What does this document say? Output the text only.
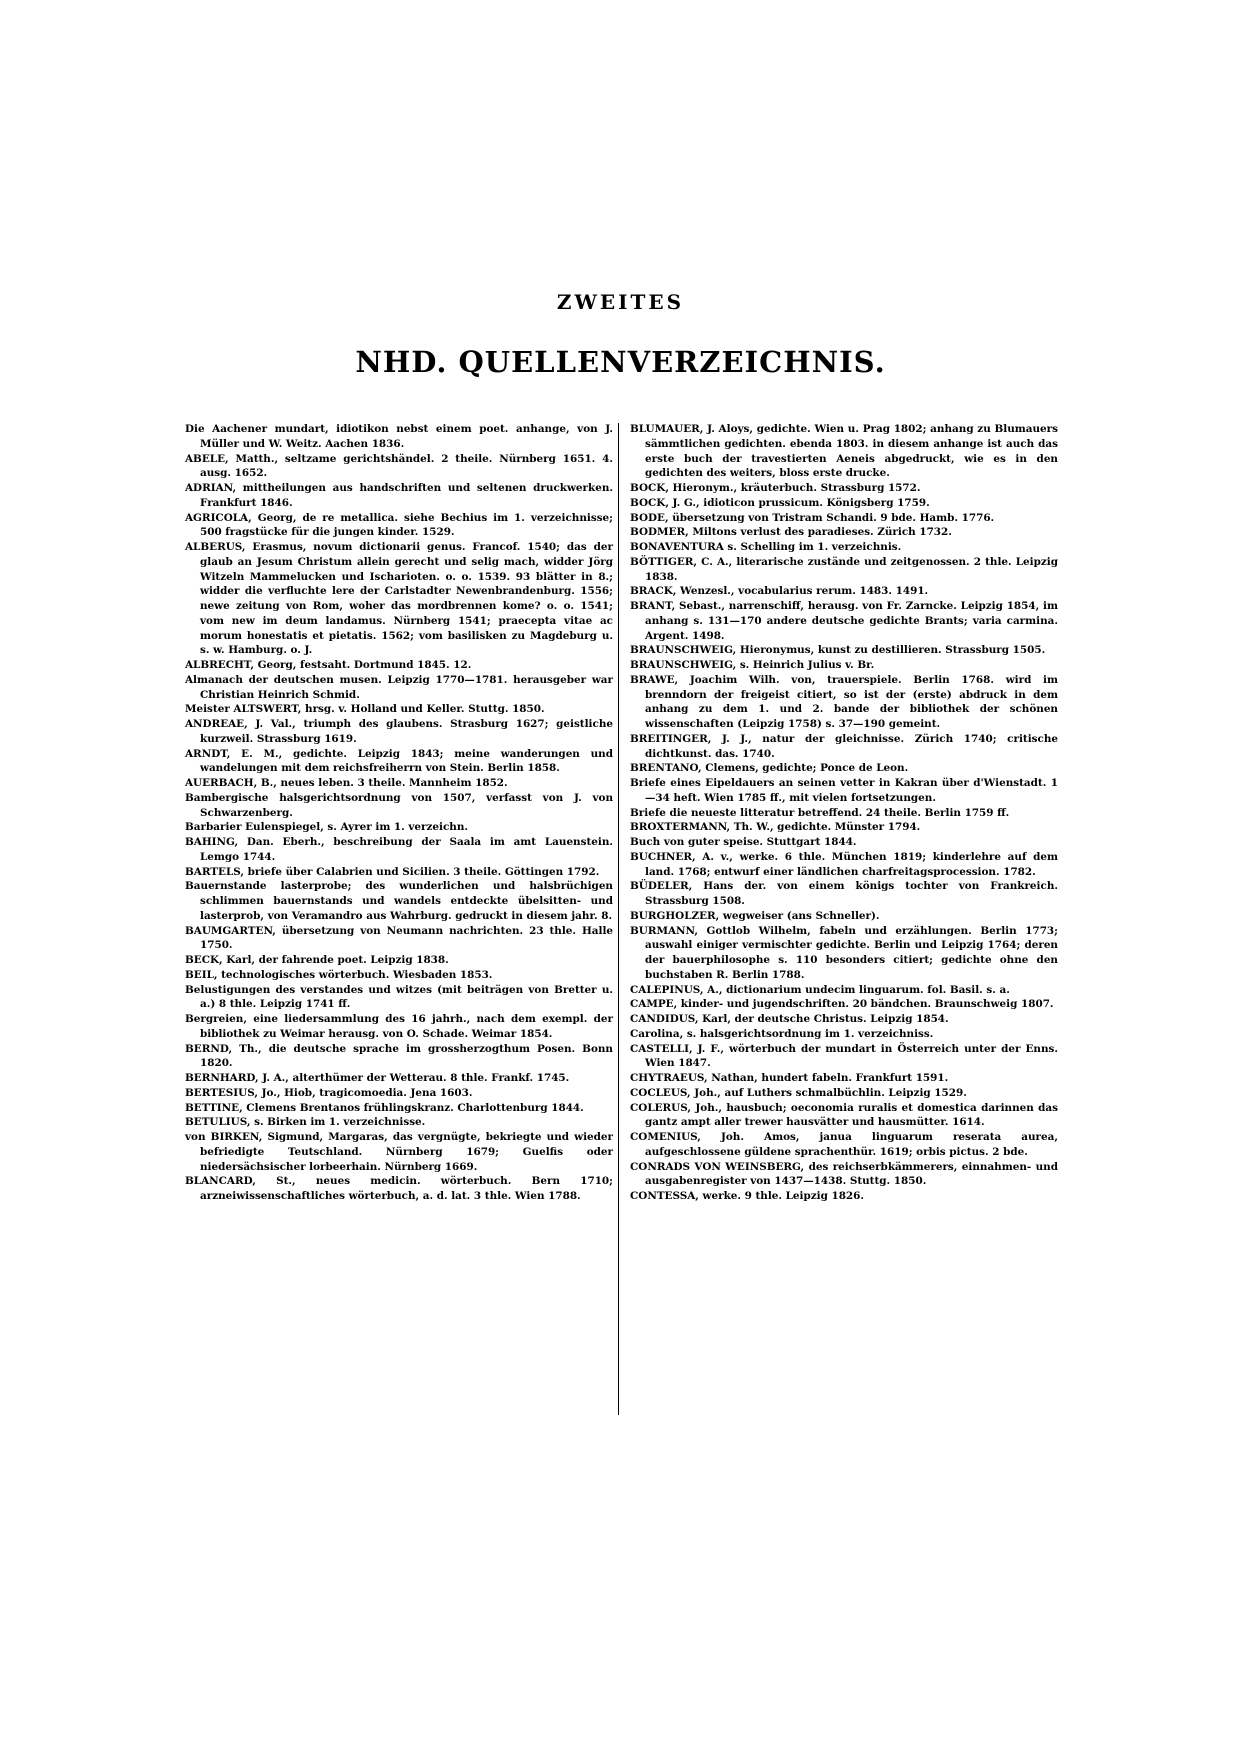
ZWEITES
NHD. QUELLENVERZEICHNIS.

Die Aachener mundart, idiotikon nebst einem poet. anhange, von J. Müller und W. Weitz. Aachen 1836.

ABELE, Matth., seltzame gerichtshändel. 2 theile. Nürnberg 1651. 4. ausg. 1652.

ADRIAN, mittheilungen aus handschriften und seltenen druckwerken. Frankfurt 1846.

AGRICOLA, Georg, de re metallica. siehe Bechius im 1. verzeichnisse; 500 fragstücke für die jungen kinder. 1529.

ALBERUS, Erasmus, novum dictionarii genus. Francof. 1540; das der glaub an Jesum Christum allein gerecht und selig mach, widder Jörg Witzeln Mammelucken und Ischarioten. o. o. 1539. 93 blätter in 8.; widder die verfluchte lere der Carlstadter Newenbrandenburg. 1556; newe zeitung von Rom, woher das mordbrennen kome? o. o. 1541; vom new im deum landamus. Nürnberg 1541; praecepta vitae ac morum honestatis et pietatis. 1562; vom basilisken zu Magdeburg u. s. w. Hamburg. o. J.

ALBRECHT, Georg, festsaht. Dortmund 1845. 12.

Almanach der deutschen musen. Leipzig 1770—1781. herausgeber war Christian Heinrich Schmid.

Meister ALTSWERT, hrsg. v. Holland und Keller. Stuttg. 1850.

ANDREAE, J. Val., triumph des glaubens. Strasburg 1627; geistliche kurzweil. Strassburg 1619.

ARNDT, E. M., gedichte. Leipzig 1843; meine wanderungen und wandelungen mit dem reichsfreiherrn von Stein. Berlin 1858.

AUERBACH, B., neues leben. 3 theile. Mannheim 1852.

Bambergische halsgerichtsordnung von 1507, verfasst von J. von Schwarzenberg.

Barbarier Eulenspiegel, s. Ayrer im 1. verzeichn.

BAHING, Dan. Eberh., beschreibung der Saala im amt Lauenstein. Lemgo 1744.

BARTELS, briefe über Calabrien und Sicilien. 3 theile. Göttingen 1792.

Bauernstande lasterprobe; des wunderlichen und halsbrüchigen schlimmen bauernstands und wandels entdeckte übelsitten- und lasterprob, von Veramandro aus Wahrburg. gedruckt in diesem jahr. 8.

BAUMGARTEN, übersetzung von Neumann nachrichten. 23 thle. Halle 1750.

BECK, Karl, der fahrende poet. Leipzig 1838.

BEIL, technologisches wörterbuch. Wiesbaden 1853.

Belustigungen des verstandes und witzes (mit beiträgen von Bretter u. a.) 8 thle. Leipzig 1741 ff.

Bergreien, eine liedersammlung des 16 jahrh., nach dem exempl. der bibliothek zu Weimar herausg. von O. Schade. Weimar 1854.

BERND, Th., die deutsche sprache im grossherzogthum Posen. Bonn 1820.

BERNHARD, J. A., alterthümer der Wetterau. 8 thle. Frankf. 1745.

BERTESIUS, Jo., Hiob, tragicomoedia. Jena 1603.

BETTINE, Clemens Brentanos frühlingskranz. Charlottenburg 1844.

BETULIUS, s. Birken im 1. verzeichnisse.

von BIRKEN, Sigmund, Margaras, das vergnügte, bekriegte und wieder befriedigte Teutschland. Nürnberg 1679; Guelfis oder niedersächsischer lorbeerhain. Nürnberg 1669.

BLANCARD, St., neues medicin. wörterbuch. Bern 1710; arzneiwissenschaftliches wörterbuch, a. d. lat. 3 thle. Wien 1788.

BLUMAUER, J. Aloys, gedichte. Wien u. Prag 1802; anhang zu Blumauers sämmtlichen gedichten. ebenda 1803. in diesem anhange ist auch das erste buch der travestierten Aeneis abgedruckt, wie es in den gedichten des weiters, bloss erste drucke.

BOCK, Hieronym., kräuterbuch. Strassburg 1572.

BOCK, J. G., idioticon prussicum. Königsberg 1759.

BODE, übersetzung von Tristram Schandi. 9 bde. Hamb. 1776.

BODMER, Miltons verlust des paradieses. Zürich 1732.

BONAVENTURA s. Schelling im 1. verzeichnis.

BÖTTIGER, C. A., literarische zustände und zeitgenossen. 2 thle. Leipzig 1838.

BRACK, Wenzesl., vocabularius rerum. 1483. 1491.

BRANT, Sebast., narrenschiff, herausg. von Fr. Zarncke. Leipzig 1854, im anhang s. 131—170 andere deutsche gedichte Brants; varia carmina. Argent. 1498.

BRAUNSCHWEIG, Hieronymus, kunst zu destillieren. Strassburg 1505.

BRAUNSCHWEIG, s. Heinrich Julius v. Br.

BRAWE, Joachim Wilh. von, trauerspiele. Berlin 1768. wird im brenndorn der freigeist citiert, so ist der (erste) abdruck in dem anhang zu dem 1. und 2. bande der bibliothek der schönen wissenschaften (Leipzig 1758) s. 37—190 gemeint.

BREITINGER, J. J., natur der gleichnisse. Zürich 1740; critische dichtkunst. das. 1740.

BRENTANO, Clemens, gedichte; Ponce de Leon.

Briefe eines Eipeldauers an seinen vetter in Kakran über d'Wienstadt. 1—34 heft. Wien 1785 ff., mit vielen fortsetzungen.

Briefe die neueste litteratur betreffend. 24 theile. Berlin 1759 ff.

BROXTERMANN, Th. W., gedichte. Münster 1794.

Buch von guter speise. Stuttgart 1844.

BUCHNER, A. v., werke. 6 thle. München 1819; kinderlehre auf dem land. 1768; entwurf einer ländlichen charfreitagsprocession. 1782.

BÜDELER, Hans der. von einem königs tochter von Frankreich. Strassburg 1508.

BURGHOLZER, wegweiser (ans Schneller).

BURMANN, Gottlob Wilhelm, fabeln und erzählungen. Berlin 1773; auswahl einiger vermischter gedichte. Berlin und Leipzig 1764; deren der bauerphilosophe s. 110 besonders citiert; gedichte ohne den buchstaben R. Berlin 1788.

CALEPINUS, A., dictionarium undecim linguarum. fol. Basil. s. a.

CAMPE, kinder- und jugendschriften. 20 bändchen. Braunschweig 1807.

CANDIDUS, Karl, der deutsche Christus. Leipzig 1854.

Carolina, s. halsgerichtsordnung im 1. verzeichniss.

CASTELLI, J. F., wörterbuch der mundart in Österreich unter der Enns. Wien 1847.

CHYTRAEUS, Nathan, hundert fabeln. Frankfurt 1591.

COCLEUS, Joh., auf Luthers schmalbüchlin. Leipzig 1529.

COLERUS, Joh., hausbuch; oeconomia ruralis et domestica darinnen das gantz ampt aller trewer hausvätter und hausmütter. 1614.

COMENIUS, Joh. Amos, janua linguarum reserata aurea, aufgeschlossene güldene sprachenthür. 1619; orbis pictus. 2 bde.

CONRADS VON WEINSBERG, des reichserbkämmerers, einnahmen- und ausgabenregister von 1437—1438. Stuttg. 1850.

CONTESSA, werke. 9 thle. Leipzig 1826.
